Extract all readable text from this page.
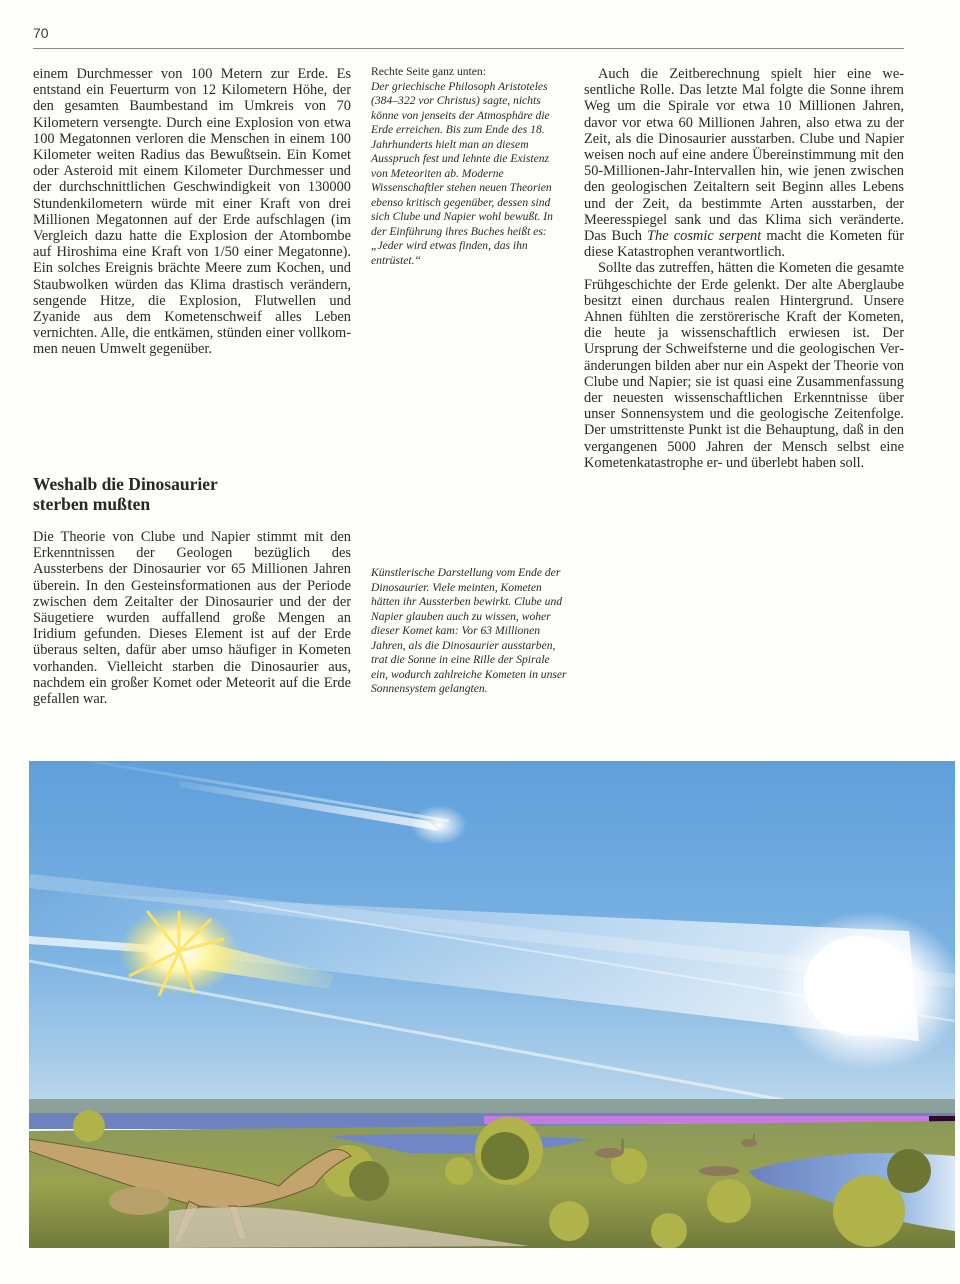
70

einem Durchmesser von 100 Metern zur Erde. Es entstand ein Feuerturm von 12 Kilometern Höhe, der den gesamten Baumbestand im Umkreis von 70 Kilometern versengte. Durch eine Explosion von etwa 100 Megatonnen verloren die Menschen in einem 100 Kilometer weiten Radius das Bewußtsein. Ein Komet oder Asteroid mit einem Kilometer Durchmesser und der durchschnittlichen Geschwindigkeit von 130000 Stundenkilometern würde mit einer Kraft von drei Millionen Megatonnen auf der Erde aufschlagen (im Vergleich dazu hatte die Explosion der Atombombe auf Hiroshima eine Kraft von 1/50 einer Megatonne). Ein solches Ereignis brächte Meere zum Kochen, und Staubwolken würden das Klima drastisch verändern, sengende Hitze, die Explosion, Flutwellen und Zyanide aus dem Kometenschweif alles Leben vernichten. Alle, die entkämen, stünden einer vollkommen neuen Umwelt gegenüber.

Weshalb die Dinosaurier
sterben mußten

Die Theorie von Clube und Napier stimmt mit den Erkenntnissen der Geologen bezüglich des Aussterbens der Dinosaurier vor 65 Millionen Jahren überein. In den Gesteinsformationen aus der Periode zwischen dem Zeitalter der Dinosaurier und der der Säugetiere wurden auffallend große Mengen an Iridium gefunden. Dieses Element ist auf der Erde überaus selten, dafür aber umso häufiger in Kometen vorhanden. Vielleicht starben die Dinosaurier aus, nachdem ein großer Komet oder Meteorit auf die Erde gefallen war.

Rechte Seite ganz unten:
Der griechische Philosoph Aristoteles (384–322 vor Christus) sagte, nichts könne von jenseits der Atmosphäre die Erde erreichen. Bis zum Ende des 18. Jahrhunderts hielt man an diesem Ausspruch fest und lehnte die Existenz von Meteoriten ab. Moderne Wissenschaftler stehen neuen Theorien ebenso kritisch gegenüber, dessen sind sich Clube und Napier wohl bewußt. In der Einführung ihres Buches heißt es: „Jeder wird etwas finden, das ihn entrüstet.“
Künstlerische Darstellung vom Ende der Dinosaurier. Viele meinten, Kometen hätten ihr Aussterben bewirkt. Clube und Napier glauben auch zu wissen, woher dieser Komet kam: Vor 63 Millionen Jahren, als die Dinosaurier ausstarben, trat die Sonne in eine Rille der Spirale ein, wodurch zahlreiche Kometen in unser Sonnensystem gelangten.

Auch die Zeitberechnung spielt hier eine wesentliche Rolle. Das letzte Mal folgte die Sonne ihrem Weg um die Spirale vor etwa 10 Millionen Jahren, davor vor etwa 60 Millionen Jahren, also etwa zu der Zeit, als die Dinosaurier ausstarben. Clube und Napier weisen noch auf eine andere Übereinstimmung mit den 50-Millionen-Jahr-Intervallen hin, wie jenen zwischen den geologischen Zeitaltern seit Beginn alles Lebens und der Zeit, da bestimmte Arten ausstarben, der Meeresspiegel sank und das Klima sich veränderte. Das Buch The cosmic serpent macht die Kometen für diese Katastrophen verantwortlich.

Sollte das zutreffen, hätten die Kometen die gesamte Frühgeschichte der Erde gelenkt. Der alte Aberglaube besitzt einen durchaus realen Hintergrund. Unsere Ahnen fühlten die zerstörerische Kraft der Kometen, die heute ja wissenschaftlich erwiesen ist. Der Ursprung der Schweifsterne und die geologischen Veränderungen bilden aber nur ein Aspekt der Theorie von Clube und Napier; sie ist quasi eine Zusammenfassung der neuesten wissenschaftlichen Erkenntnisse über unser Sonnensystem und die geologische Zeitenfolge. Der umstrittenste Punkt ist die Behauptung, daß in den vergangenen 5000 Jahren der Mensch selbst eine Kometenkatastrophe er- und überlebt haben soll.
